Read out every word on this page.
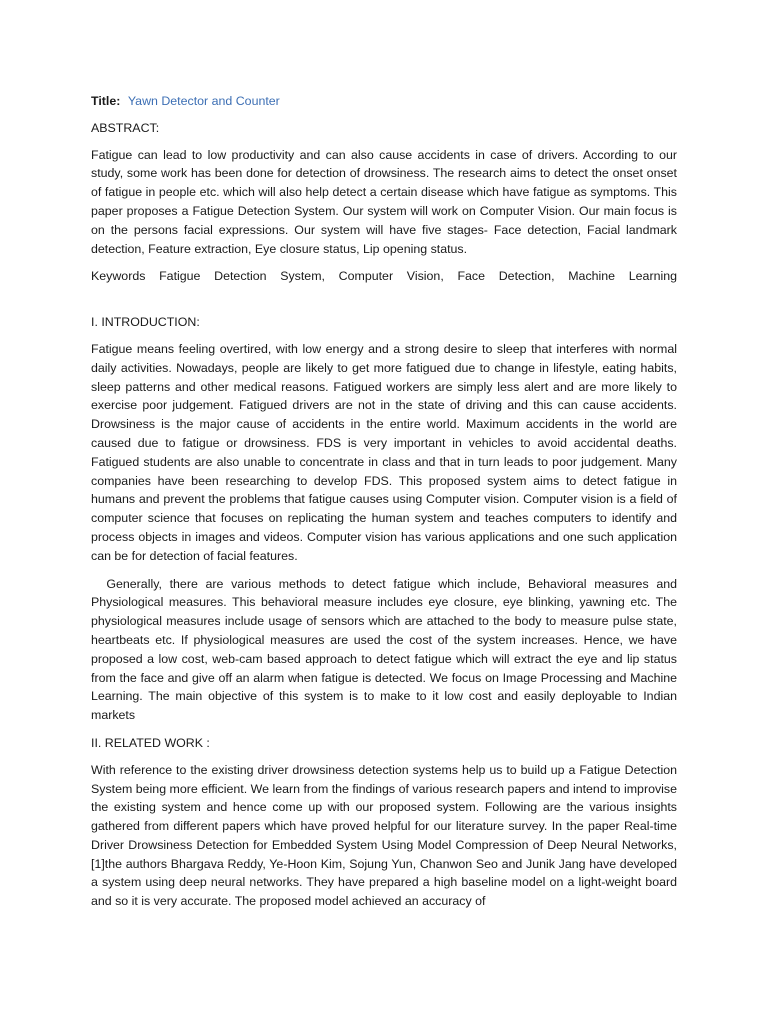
Title: Yawn Detector and Counter
ABSTRACT:

Fatigue can lead to low productivity and can also cause accidents in case of drivers. According to our study, some work has been done for detection of drowsiness. The research aims to detect the onset onset of fatigue in people etc. which will also help detect a certain disease which have fatigue as symptoms. This paper proposes a Fatigue Detection System. Our system will work on Computer Vision. Our main focus is on the persons facial expressions. Our system will have five stages- Face detection, Facial landmark detection, Feature extraction, Eye closure status, Lip opening status.

Keywords Fatigue Detection System, Computer Vision, Face Detection, Machine Learning

I. INTRODUCTION:

Fatigue means feeling overtired, with low energy and a strong desire to sleep that interferes with normal daily activities. Nowadays, people are likely to get more fatigued due to change in lifestyle, eating habits, sleep patterns and other medical reasons. Fatigued workers are simply less alert and are more likely to exercise poor judgement. Fatigued drivers are not in the state of driving and this can cause accidents. Drowsiness is the major cause of accidents in the entire world. Maximum accidents in the world are caused due to fatigue or drowsiness. FDS is very important in vehicles to avoid accidental deaths. Fatigued students are also unable to concentrate in class and that in turn leads to poor judgement. Many companies have been researching to develop FDS. This proposed system aims to detect fatigue in humans and prevent the problems that fatigue causes using Computer vision. Computer vision is a field of computer science that focuses on replicating the human system and teaches computers to identify and process objects in images and videos. Computer vision has various applications and one such application can be for detection of facial features.

Generally, there are various methods to detect fatigue which include, Behavioral measures and Physiological measures. This behavioral measure includes eye closure, eye blinking, yawning etc. The physiological measures include usage of sensors which are attached to the body to measure pulse state, heartbeats etc. If physiological measures are used the cost of the system increases. Hence, we have proposed a low cost, web-cam based approach to detect fatigue which will extract the eye and lip status from the face and give off an alarm when fatigue is detected. We focus on Image Processing and Machine Learning. The main objective of this system is to make to it low cost and easily deployable to Indian markets

II. RELATED WORK :

With reference to the existing driver drowsiness detection systems help us to build up a Fatigue Detection System being more efficient. We learn from the findings of various research papers and intend to improvise the existing system and hence come up with our proposed system. Following are the various insights gathered from different papers which have proved helpful for our literature survey. In the paper Real-time Driver Drowsiness Detection for Embedded System Using Model Compression of Deep Neural Networks,[1]the authors Bhargava Reddy, Ye-Hoon Kim, Sojung Yun, Chanwon Seo and Junik Jang have developed a system using deep neural networks. They have prepared a high baseline model on a light-weight board and so it is very accurate. The proposed model achieved an accuracy of
